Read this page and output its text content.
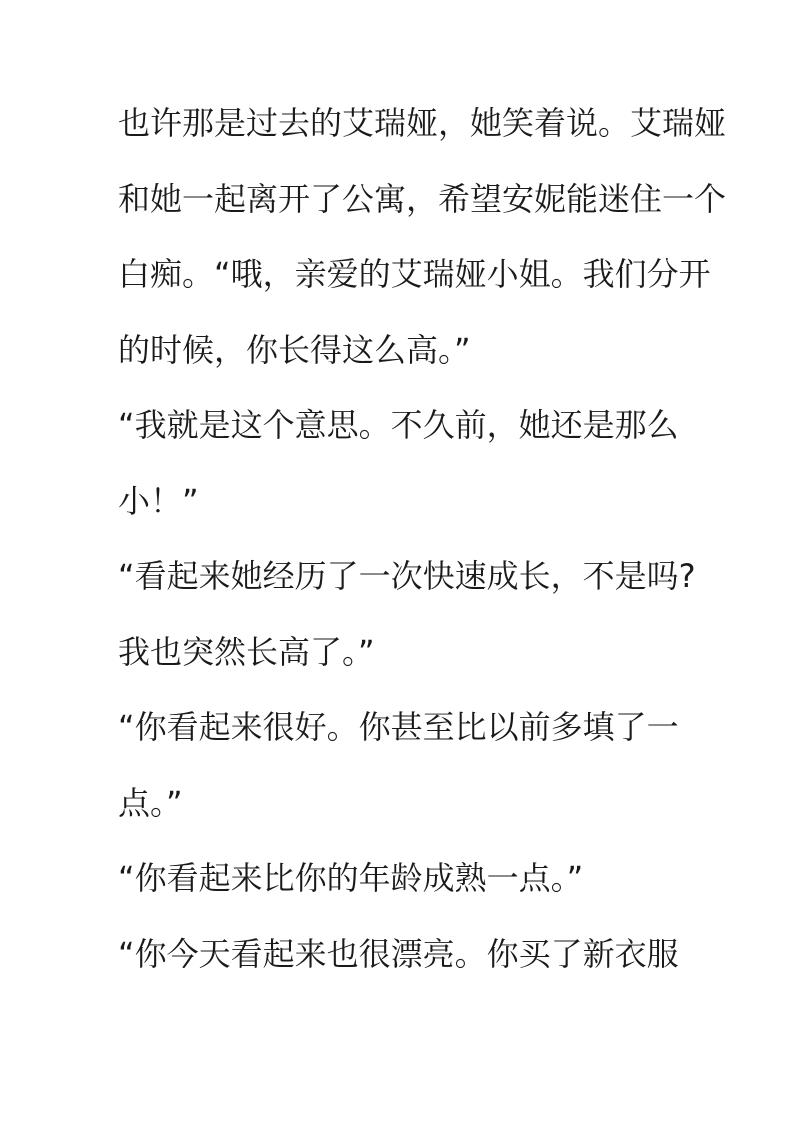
也许那是过去的艾瑞娅，她笑着说。艾瑞娅
和她一起离开了公寓，希望安妮能迷住一个
白痴。“哦，亲爱的艾瑞娅小姐。我们分开
的时候，你长得这么高。”
“我就是这个意思。不久前，她还是那么
小！”
“看起来她经历了一次快速成长，不是吗?
我也突然长高了。”
“你看起来很好。你甚至比以前多填了一
点。”
“你看起来比你的年龄成熟一点。”
“你今天看起来也很漂亮。你买了新衣服
